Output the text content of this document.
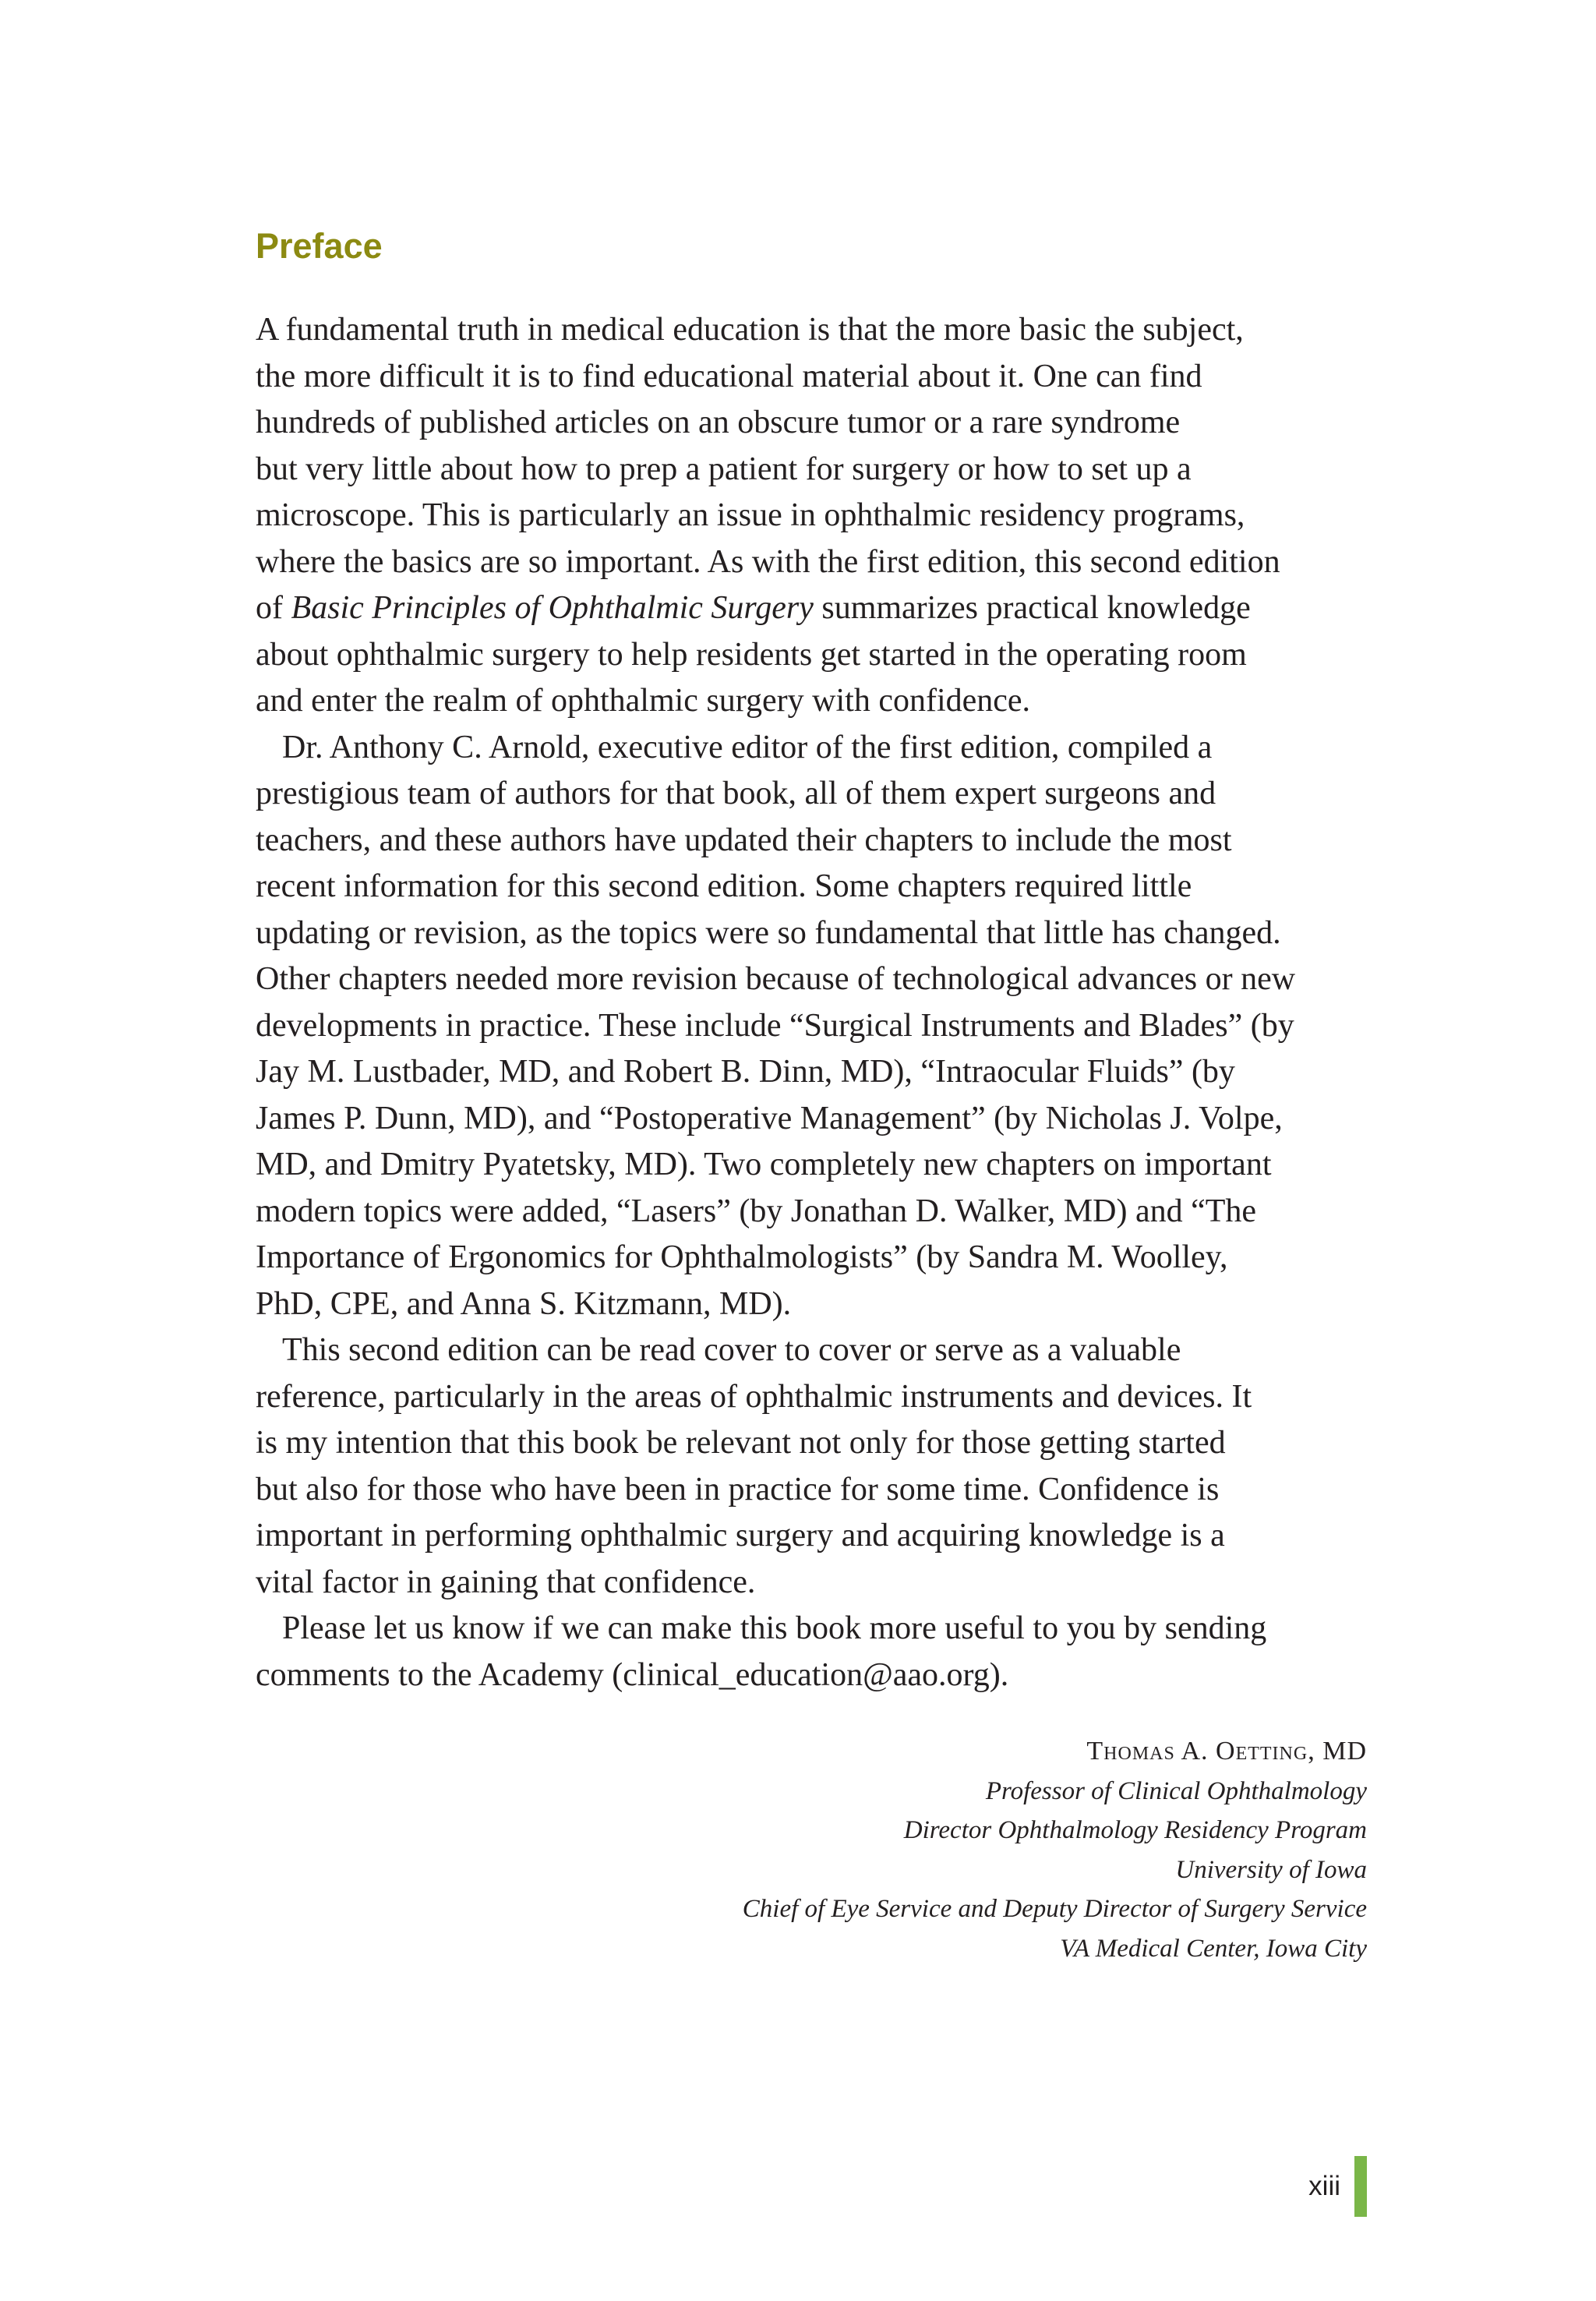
Preface

A fundamental truth in medical education is that the more basic the subject,
the more difficult it is to find educational material about it. One can find
hundreds of published articles on an obscure tumor or a rare syndrome
but very little about how to prep a patient for surgery or how to set up a
microscope. This is particularly an issue in ophthalmic residency programs,
where the basics are so important. As with the first edition, this second edition
of Basic Principles of Ophthalmic Surgery summarizes practical knowledge
about ophthalmic surgery to help residents get started in the operating room
and enter the realm of ophthalmic surgery with confidence.

Dr. Anthony C. Arnold, executive editor of the first edition, compiled a
prestigious team of authors for that book, all of them expert surgeons and
teachers, and these authors have updated their chapters to include the most
recent information for this second edition. Some chapters required little
updating or revision, as the topics were so fundamental that little has changed.
Other chapters needed more revision because of technological advances or new
developments in practice. These include “Surgical Instruments and Blades” (by
Jay M. Lustbader, MD, and Robert B. Dinn, MD), “Intraocular Fluids” (by
James P. Dunn, MD), and “Postoperative Management” (by Nicholas J. Volpe,
MD, and Dmitry Pyatetsky, MD). Two completely new chapters on important
modern topics were added, “Lasers” (by Jonathan D. Walker, MD) and “The
Importance of Ergonomics for Ophthalmologists” (by Sandra M. Woolley,
PhD, CPE, and Anna S. Kitzmann, MD).

This second edition can be read cover to cover or serve as a valuable
reference, particularly in the areas of ophthalmic instruments and devices. It
is my intention that this book be relevant not only for those getting started
but also for those who have been in practice for some time. Confidence is
important in performing ophthalmic surgery and acquiring knowledge is a
vital factor in gaining that confidence.

Please let us know if we can make this book more useful to you by sending
comments to the Academy (clinical_education@aao.org).

Thomas A. Oetting, MD
Professor of Clinical Ophthalmology
Director Ophthalmology Residency Program
University of Iowa
Chief of Eye Service and Deputy Director of Surgery Service
VA Medical Center, Iowa City
xiii
